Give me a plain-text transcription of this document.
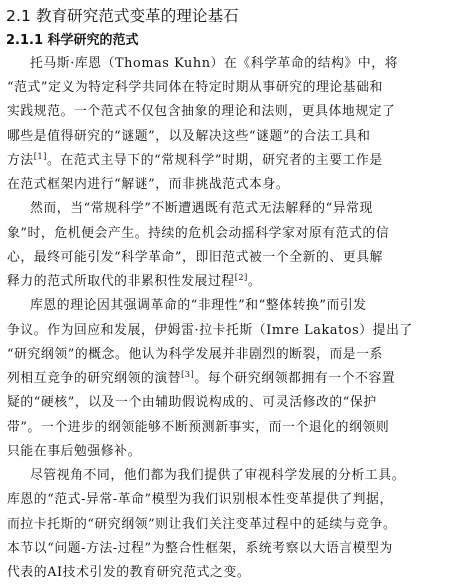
2.1 教育研究范式变革的理论基石
2.1.1 科学研究的范式
托马斯·库恩（Thomas Kuhn）在《科学革命的结构》中，将
“范式”定义为特定科学共同体在特定时期从事研究的理论基础和
实践规范。一个范式不仅包含抽象的理论和法则，更具体地规定了
哪些是值得研究的“谜题”，以及解决这些“谜题”的合法工具和
方法[1]。在范式主导下的“常规科学”时期，研究者的主要工作是
在范式框架内进行“解谜”，而非挑战范式本身。
然而，当“常规科学”不断遭遇既有范式无法解释的“异常现
象”时，危机便会产生。持续的危机会动摇科学家对原有范式的信
心，最终可能引发“科学革命”，即旧范式被一个全新的、更具解
释力的范式所取代的非累积性发展过程[2]。
库恩的理论因其强调革命的“非理性”和“整体转换”而引发
争议。作为回应和发展，伊姆雷·拉卡托斯（Imre Lakatos）提出了
“研究纲领”的概念。他认为科学发展并非剧烈的断裂，而是一系
列相互竞争的研究纲领的演替[3]。每个研究纲领都拥有一个不容置
疑的“硬核”，以及一个由辅助假说构成的、可灵活修改的“保护
带”。一个进步的纲领能够不断预测新事实，而一个退化的纲领则
只能在事后勉强修补。
尽管视角不同，他们都为我们提供了审视科学发展的分析工具。
库恩的“范式-异常-革命”模型为我们识别根本性变革提供了判据，
而拉卡托斯的“研究纲领”则让我们关注变革过程中的延续与竞争。
本节以“问题-方法-过程”为整合性框架，系统考察以大语言模型为
代表的AI技术引发的教育研究范式之变。
